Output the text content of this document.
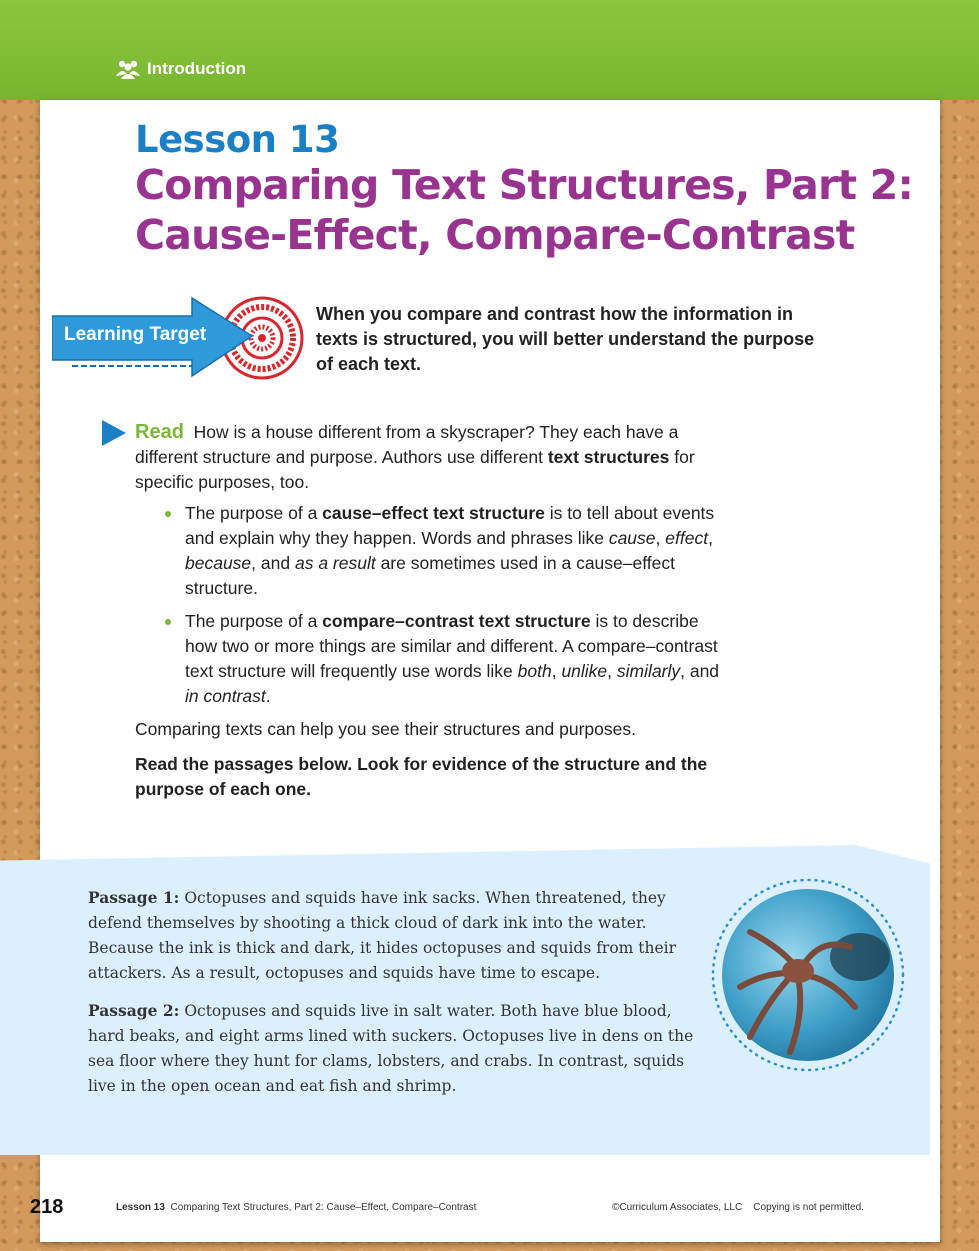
Introduction
Lesson 13
Comparing Text Structures, Part 2:
Cause-Effect, Compare-Contrast
Learning Target
When you compare and contrast how the information in texts is structured, you will better understand the purpose of each text.
Read How is a house different from a skyscraper? They each have a different structure and purpose. Authors use different text structures for specific purposes, too.
The purpose of a cause–effect text structure is to tell about events and explain why they happen. Words and phrases like cause, effect, because, and as a result are sometimes used in a cause–effect structure.
The purpose of a compare–contrast text structure is to describe how two or more things are similar and different. A compare–contrast text structure will frequently use words like both, unlike, similarly, and in contrast.

Comparing texts can help you see their structures and purposes.

Read the passages below. Look for evidence of the structure and the purpose of each one.

Passage 1: Octopuses and squids have ink sacks. When threatened, they defend themselves by shooting a thick cloud of dark ink into the water. Because the ink is thick and dark, it hides octopuses and squids from their attackers. As a result, octopuses and squids have time to escape.

Passage 2: Octopuses and squids live in salt water. Both have blue blood, hard beaks, and eight arms lined with suckers. Octopuses live in dens on the sea floor where they hunt for clams, lobsters, and crabs. In contrast, squids live in the open ocean and eat fish and shrimp.

218	Lesson 13 Comparing Text Structures, Part 2: Cause–Effect, Compare–Contrast	©Curriculum Associates, LLC    Copying is not permitted.
